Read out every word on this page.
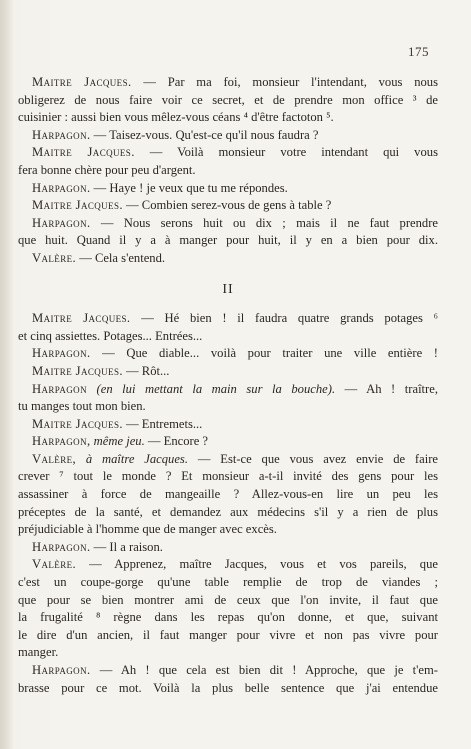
175
Maitre Jacques. — Par ma foi, monsieur l'intendant, vous nous
obligerez de nous faire voir ce secret, et de prendre mon office ³ de
cuisinier : aussi bien vous mêlez-vous céans ⁴ d'être factoton ⁵.
Harpagon. — Taisez-vous. Qu'est-ce qu'il nous faudra ?
Maitre Jacques. — Voilà monsieur votre intendant qui vous
fera bonne chère pour peu d'argent.
Harpagon. — Haye ! je veux que tu me répondes.
Maitre Jacques. — Combien serez-vous de gens à table ?
Harpagon. — Nous serons huit ou dix ; mais il ne faut prendre
que huit. Quand il y a à manger pour huit, il y en a bien pour dix.
Valère. — Cela s'entend.
II
Maitre Jacques. — Hé bien ! il faudra quatre grands potages ⁶
et cinq assiettes. Potages... Entrées...
Harpagon. — Que diable... voilà pour traiter une ville entière !
Maitre Jacques. — Rôt...
Harpagon (en lui mettant la main sur la bouche). — Ah ! traître,
tu manges tout mon bien.
Maitre Jacques. — Entremets...
Harpagon, même jeu. — Encore ?
Valère, à maître Jacques. — Est-ce que vous avez envie de faire
crever ⁷ tout le monde ? Et monsieur a-t-il invité des gens pour les
assassiner à force de mangeaille ? Allez-vous-en lire un peu les
préceptes de la santé, et demandez aux médecins s'il y a rien de plus
préjudiciable à l'homme que de manger avec excès.
Harpagon. — Il a raison.
Valère. — Apprenez, maître Jacques, vous et vos pareils, que
c'est un coupe-gorge qu'une table remplie de trop de viandes ;
que pour se bien montrer ami de ceux que l'on invite, il faut que
la frugalité ⁸ règne dans les repas qu'on donne, et que, suivant
le dire d'un ancien, il faut manger pour vivre et non pas vivre pour
manger.
Harpagon. — Ah ! que cela est bien dit ! Approche, que je t'em-
brasse pour ce mot. Voilà la plus belle sentence que j'ai entendue
